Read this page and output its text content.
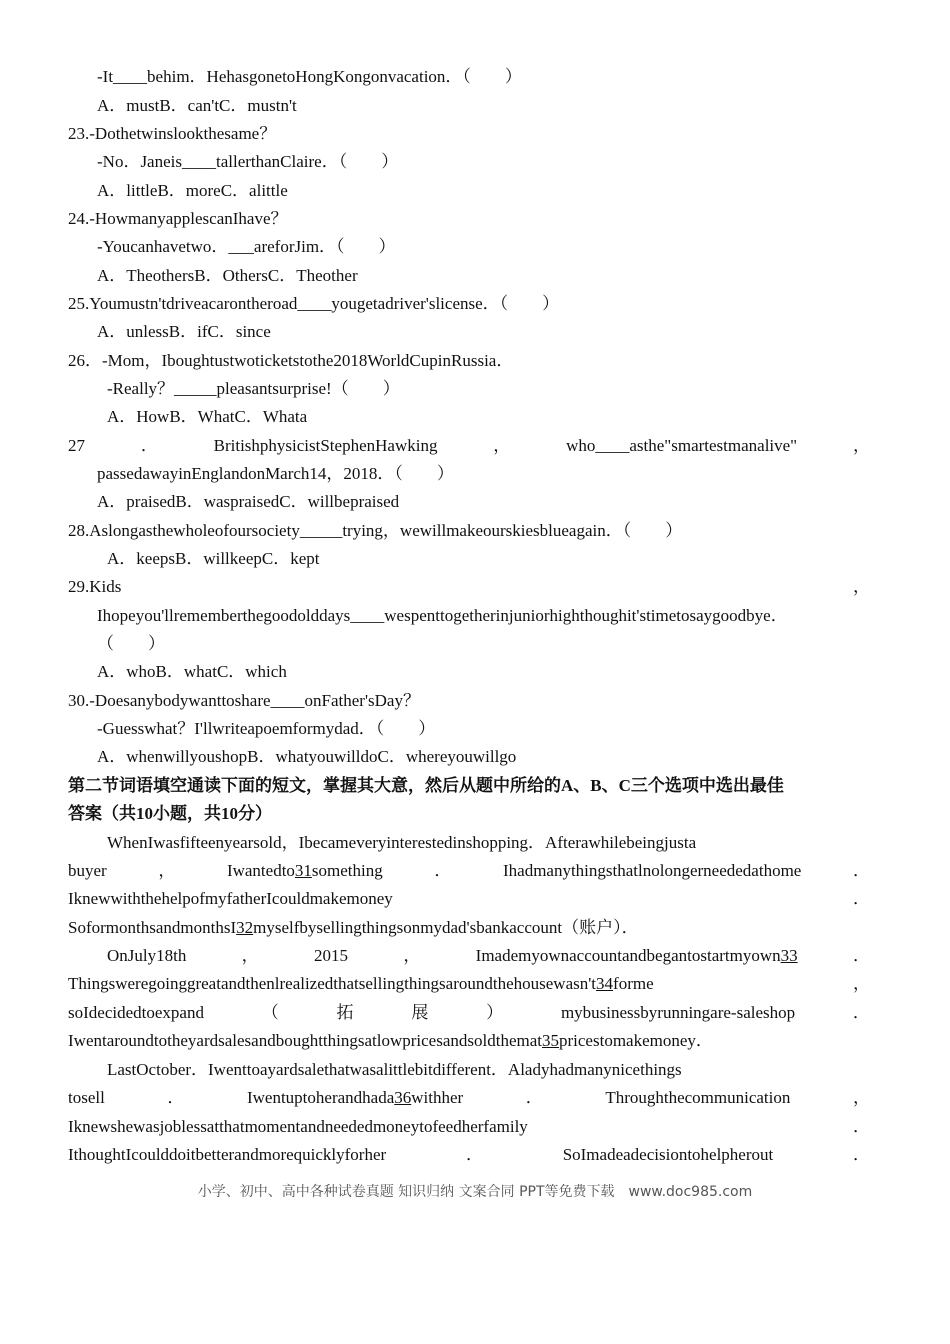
-It____behim．HehasgonetoHongKongonvacation．（　　）
A．mustB．can'tC．mustn't
23.-Dothetwinslookthesame？
-No．Janeis____tallerthanClaire．（　　）
A．littleB．moreC．alittle
24.-HowmanyapplescanIhave？
-Youcanhavetwo．___areforJim．（　　）
A．TheothersB．OthersC．Theother
25.Youmustn'tdriveacarontheroad____yougetadriver'slicense．（　　）
A．unlessB．ifC．since
26．-Mom，Iboughtustwoticketstothe2018WorldCupinRussia．
-Really？_____pleasantsurprise!（　　）
A．HowB．WhatC．Whata
27	．	BritishphysicistStephenHawking	，	who____asthe"smartestmanalive"	，
passedawayinEnglandonMarch14，2018．（　　）
A．praisedB．waspraisedC．willbepraised
28.Aslongasthewholeofoursociety_____trying，wewillmakeourskiesblueagain．（　　）
A．keepsB．willkeepC．kept
29.Kids	，
Ihopeyou'llrememberthegoodolddays____wespenttogetherinjuniorhighthoughit'stimetosaygoodbye．
（　　）
A．whoB．whatC．which
30.-Doesanybodywanttoshare____onFather'sDay？
-Guesswhat？I'llwriteapoemformydad．（　　）
A．whenwillyoushopB．whatyouwilldoC．whereyouwillgo
第二节词语填空通读下面的短文，掌握其大意，然后从题中所给的A、B、C三个选项中选出最佳
答案（共10小题，共10分）
WhenIwasfifteenyearsold，Ibecameveryinterestedinshopping．Afterawhilebeingjusta
buyer	，	Iwantedto31something	．	Ihadmanythingsthatlnolongerneededathome	．
IknewwiththehelpofmyfatherIcouldmakemoney	．
SoformonthsandmonthsI32myselfbysellingthingsonmydad'sbankaccount（账户）．
OnJuly18th	，	2015	，	Imademyownaccountandbegantostartmyown33	．
Thingsweregoinggreatandthenlrealizedthatsellingthingsaroundthehousewasn't34forme	，
soIdecidedtoexpand	（	拓	展	）	mybusinessbyrunningare-saleshop	．
Iwentaroundtotheyardsalesandboughtthingsatlowpricesandsoldthemat35pricestomakemoney．
LastOctober．Iwenttoayardsalethatwasalittlebitdifferent．Aladyhadmanynicethings
tosell	．	Iwentuptoherandhada36withher	．	Throughthecommunication	，
Iknewshewasjoblessatthatmomentandneededmoneytofeedherfamily	．
IthoughtIcoulddoitbetterandmorequicklyforher	．	SoImadeadecisiontohelpherout	．
小学、初中、高中各种试卷真题 知识归纳 文案合同 PPT等免费下载　www.doc985.com
